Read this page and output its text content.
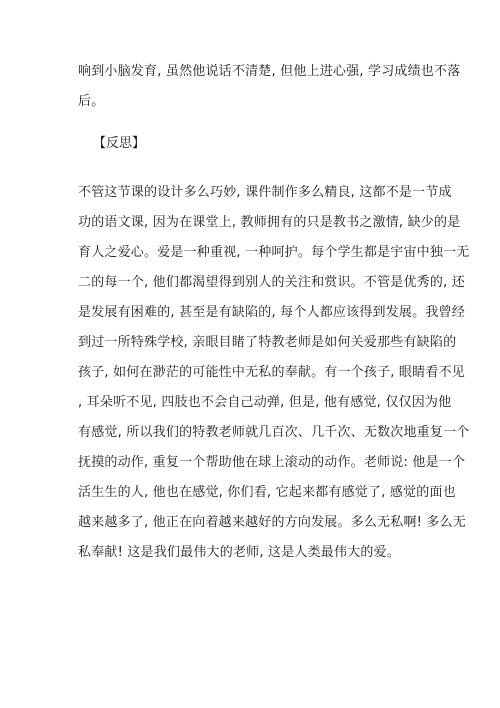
响到小脑发育, 虽然他说话不清楚, 但他上进心强, 学习成绩也不落
后。
【反思】
不管这节课的设计多么巧妙, 课件制作多么精良, 这都不是一节成
功的语文课, 因为在课堂上, 教师拥有的只是教书之激情, 缺少的是
育人之爱心。爱是一种重视, 一种呵护。每个学生都是宇宙中独一无
二的每一个, 他们都渴望得到别人的关注和赏识。不管是优秀的, 还
是发展有困难的, 甚至是有缺陷的, 每个人都应该得到发展。我曾经
到过一所特殊学校, 亲眼目睹了特教老师是如何关爱那些有缺陷的
孩子, 如何在渺茫的可能性中无私的奉献。有一个孩子, 眼睛看不见
, 耳朵听不见, 四肢也不会自己动弹, 但是, 他有感觉, 仅仅因为他
有感觉, 所以我们的特教老师就几百次、几千次、无数次地重复一个
抚摸的动作, 重复一个帮助他在球上滚动的动作。老师说: 他是一个
活生生的人, 他也在感觉, 你们看, 它起来都有感觉了, 感觉的面也
越来越多了, 他正在向着越来越好的方向发展。多么无私啊! 多么无
私奉献! 这是我们最伟大的老师, 这是人类最伟大的爱。
